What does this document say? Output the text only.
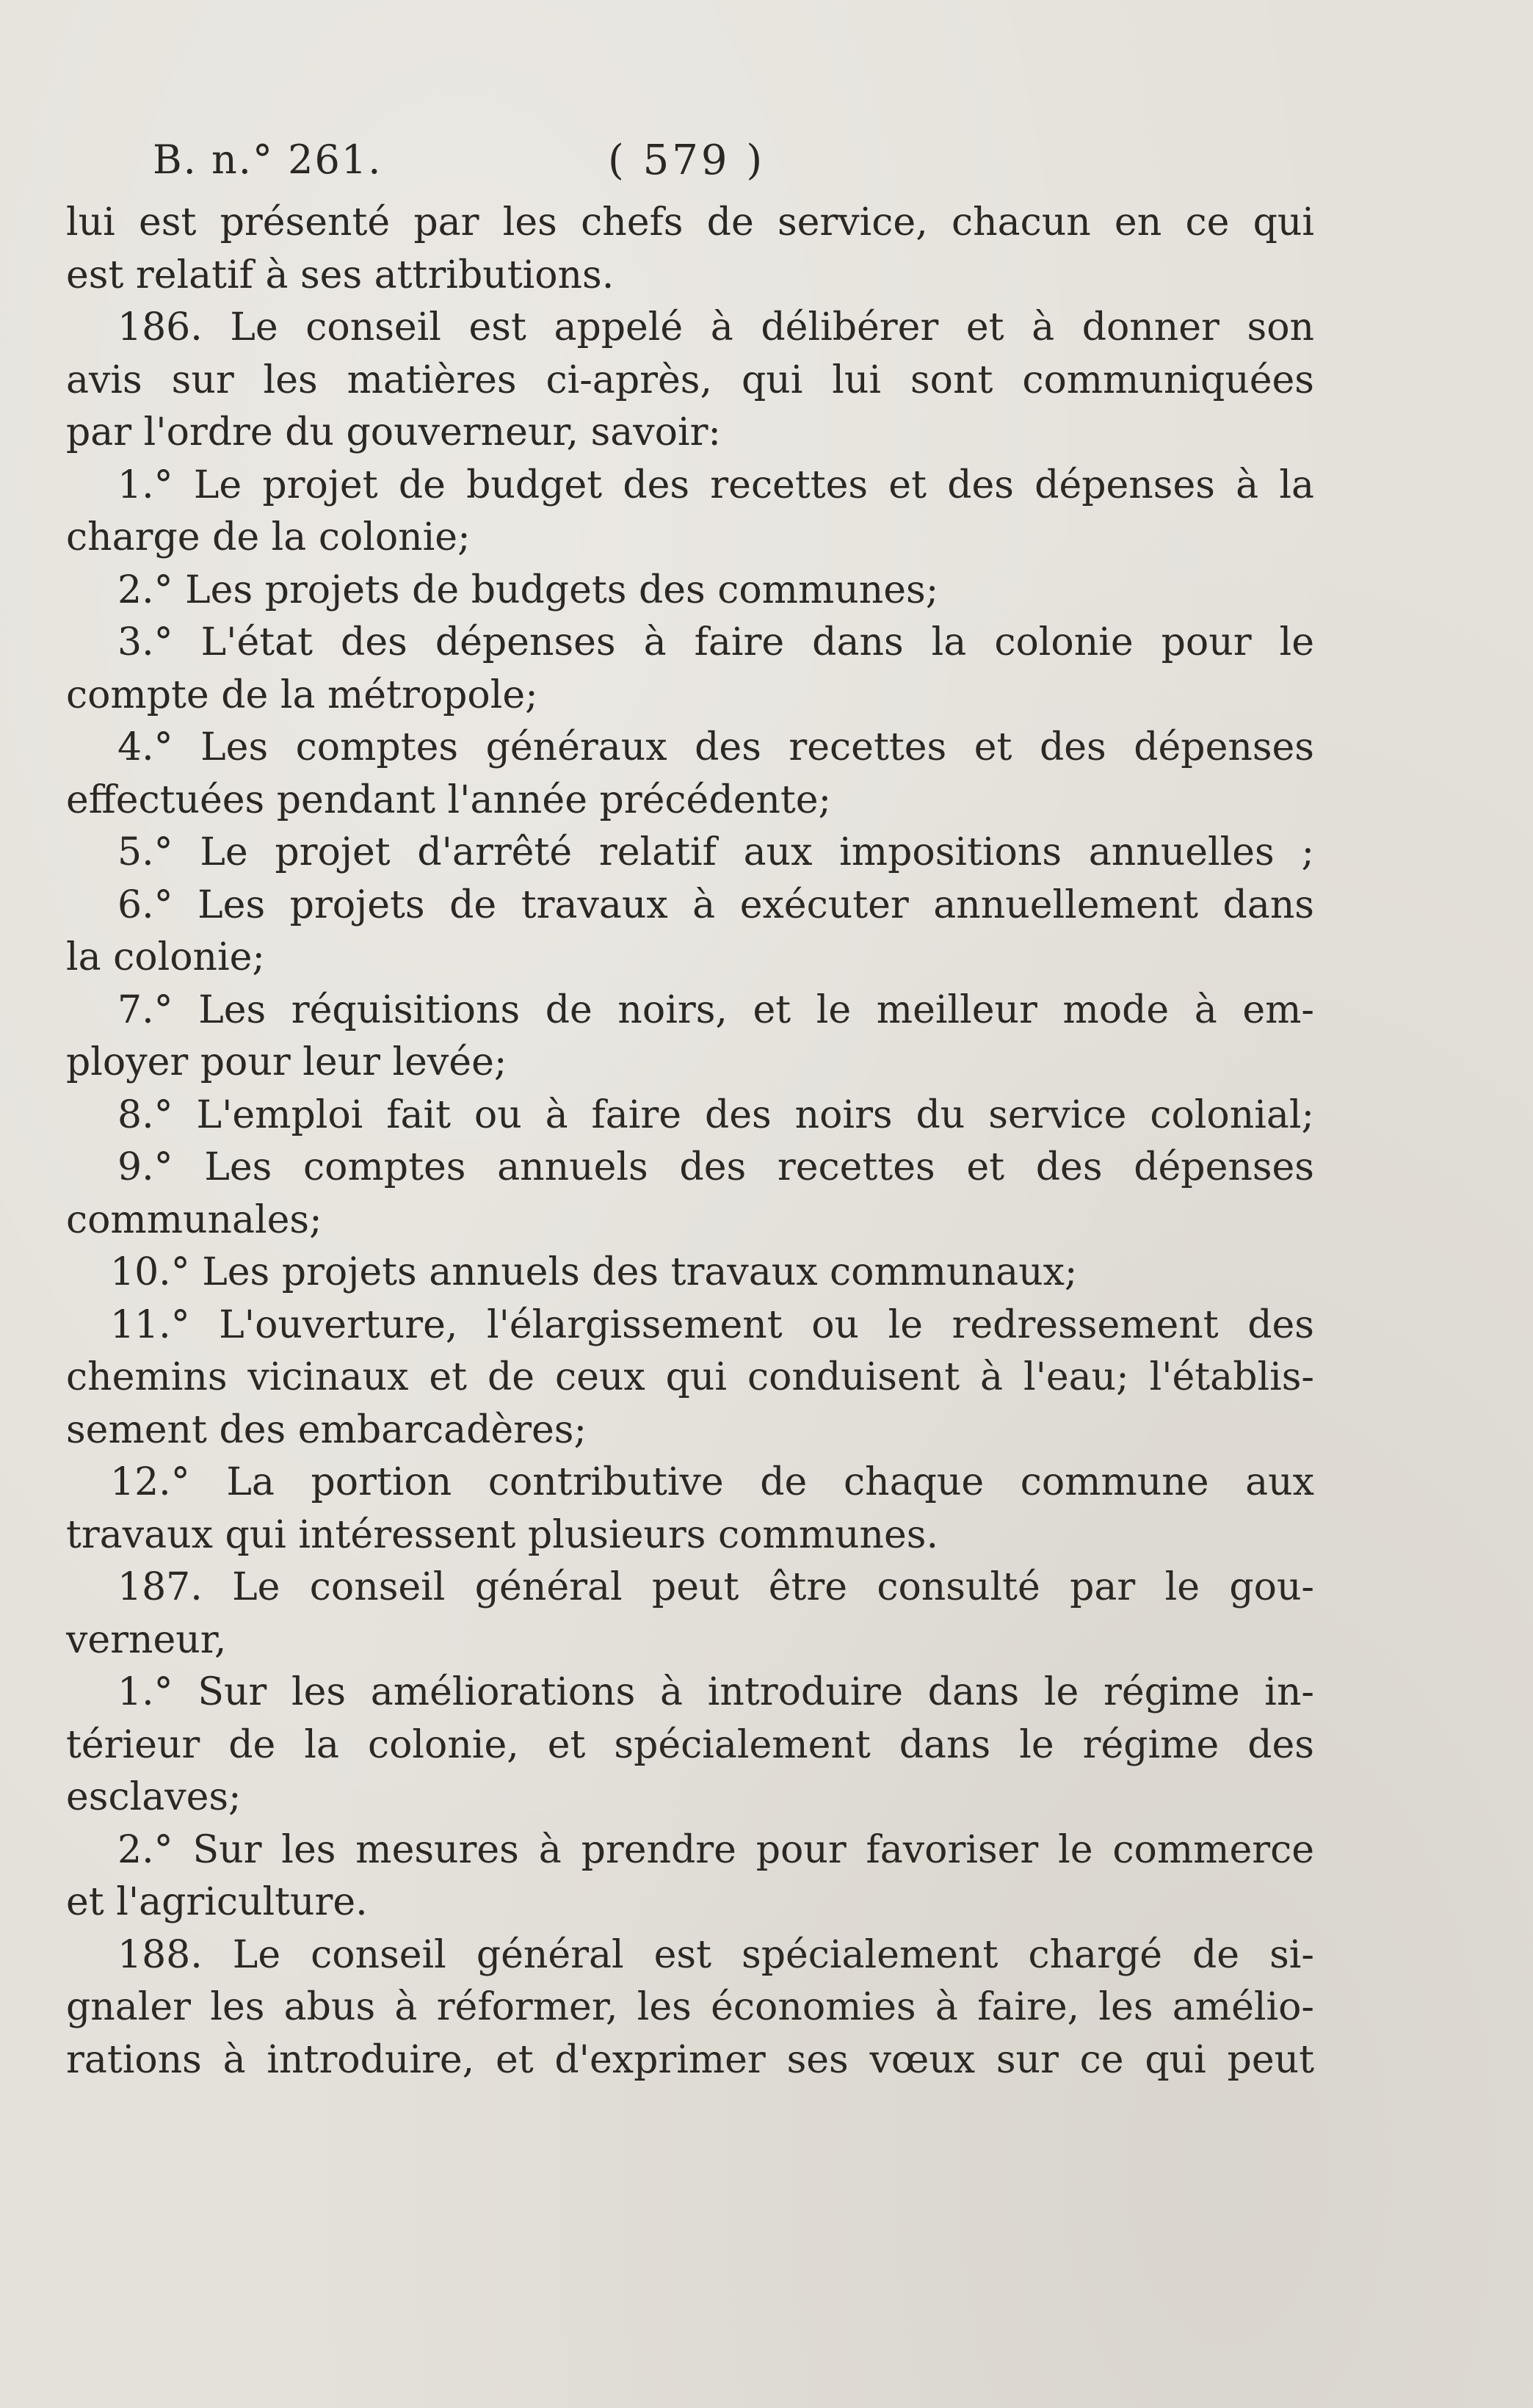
B. n.° 261.	( 579 )
lui est présenté par les chefs de service, chacun en ce qui
est relatif à ses attributions.
186. Le conseil est appelé à délibérer et à donner son
avis sur les matières ci-après, qui lui sont communiquées
par l'ordre du gouverneur, savoir:
1.° Le projet de budget des recettes et des dépenses à la
charge de la colonie;
2.° Les projets de budgets des communes;
3.° L'état des dépenses à faire dans la colonie pour le
compte de la métropole;
4.° Les comptes généraux des recettes et des dépenses
effectuées pendant l'année précédente;
5.° Le projet d'arrêté relatif aux impositions annuelles ;
6.° Les projets de travaux à exécuter annuellement dans
la colonie;
7.° Les réquisitions de noirs, et le meilleur mode à em-
ployer pour leur levée;
8.° L'emploi fait ou à faire des noirs du service colonial;
9.° Les comptes annuels des recettes et des dépenses
communales;
10.° Les projets annuels des travaux communaux;
11.° L'ouverture, l'élargissement ou le redressement des
chemins vicinaux et de ceux qui conduisent à l'eau; l'établis-
sement des embarcadères;
12.° La portion contributive de chaque commune aux
travaux qui intéressent plusieurs communes.
187. Le conseil général peut être consulté par le gou-
verneur,
1.° Sur les améliorations à introduire dans le régime in-
térieur de la colonie, et spécialement dans le régime des
esclaves;
2.° Sur les mesures à prendre pour favoriser le commerce
et l'agriculture.
188. Le conseil général est spécialement chargé de si-
gnaler les abus à réformer, les économies à faire, les amélio-
rations à introduire, et d'exprimer ses vœux sur ce qui peut
